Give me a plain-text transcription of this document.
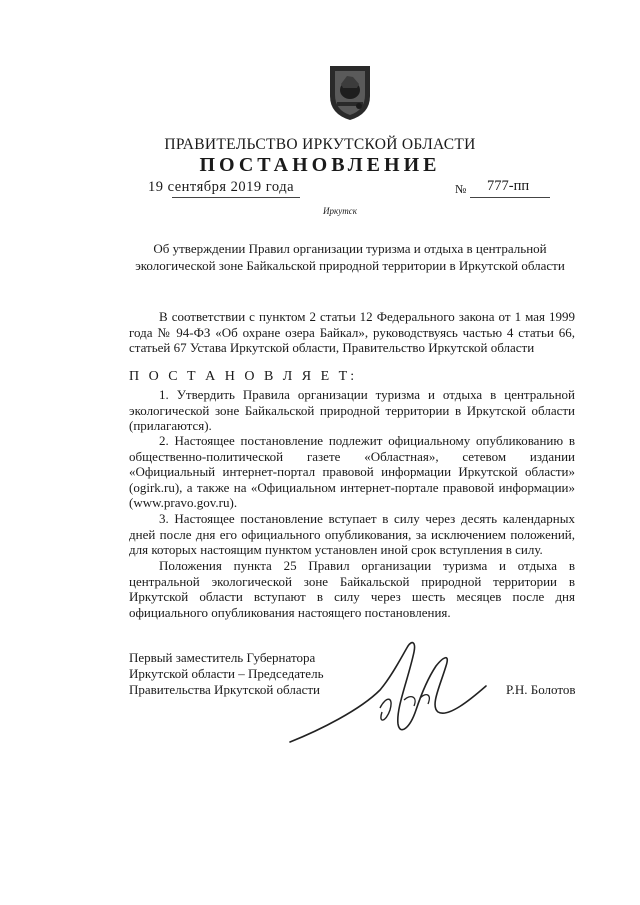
ПРАВИТЕЛЬСТВО ИРКУТСКОЙ ОБЛАСТИ
ПОСТАНОВЛЕНИЕ
19 сентября 2019 года	№ 777-пп
Иркутск
Об утверждении Правил организации туризма и отдыха в центральной экологической зоне Байкальской природной территории в Иркутской области
В соответствии с пунктом 2 статьи 12 Федерального закона от 1 мая 1999 года № 94-ФЗ «Об охране озера Байкал», руководствуясь частью 4 статьи 66, статьей 67 Устава Иркутской области, Правительство Иркутской области
П О С Т А Н О В Л Я Е Т:
1. Утвердить Правила организации туризма и отдыха в центральной экологической зоне Байкальской природной территории в Иркутской области (прилагаются).
2. Настоящее постановление подлежит официальному опубликованию в общественно-политической газете «Областная», сетевом издании «Официальный интернет-портал правовой информации Иркутской области» (ogirk.ru), а также на «Официальном интернет-портале правовой информации» (www.pravo.gov.ru).
3. Настоящее постановление вступает в силу через десять календарных дней после дня его официального опубликования, за исключением положений, для которых настоящим пунктом установлен иной срок вступления в силу.
Положения пункта 25 Правил организации туризма и отдыха в центральной экологической зоне Байкальской природной территории в Иркутской области вступают в силу через шесть месяцев после дня официального опубликования настоящего постановления.
Первый заместитель Губернатора
Иркутской области – Председатель
Правительства Иркутской области	Р.Н. Болотов
